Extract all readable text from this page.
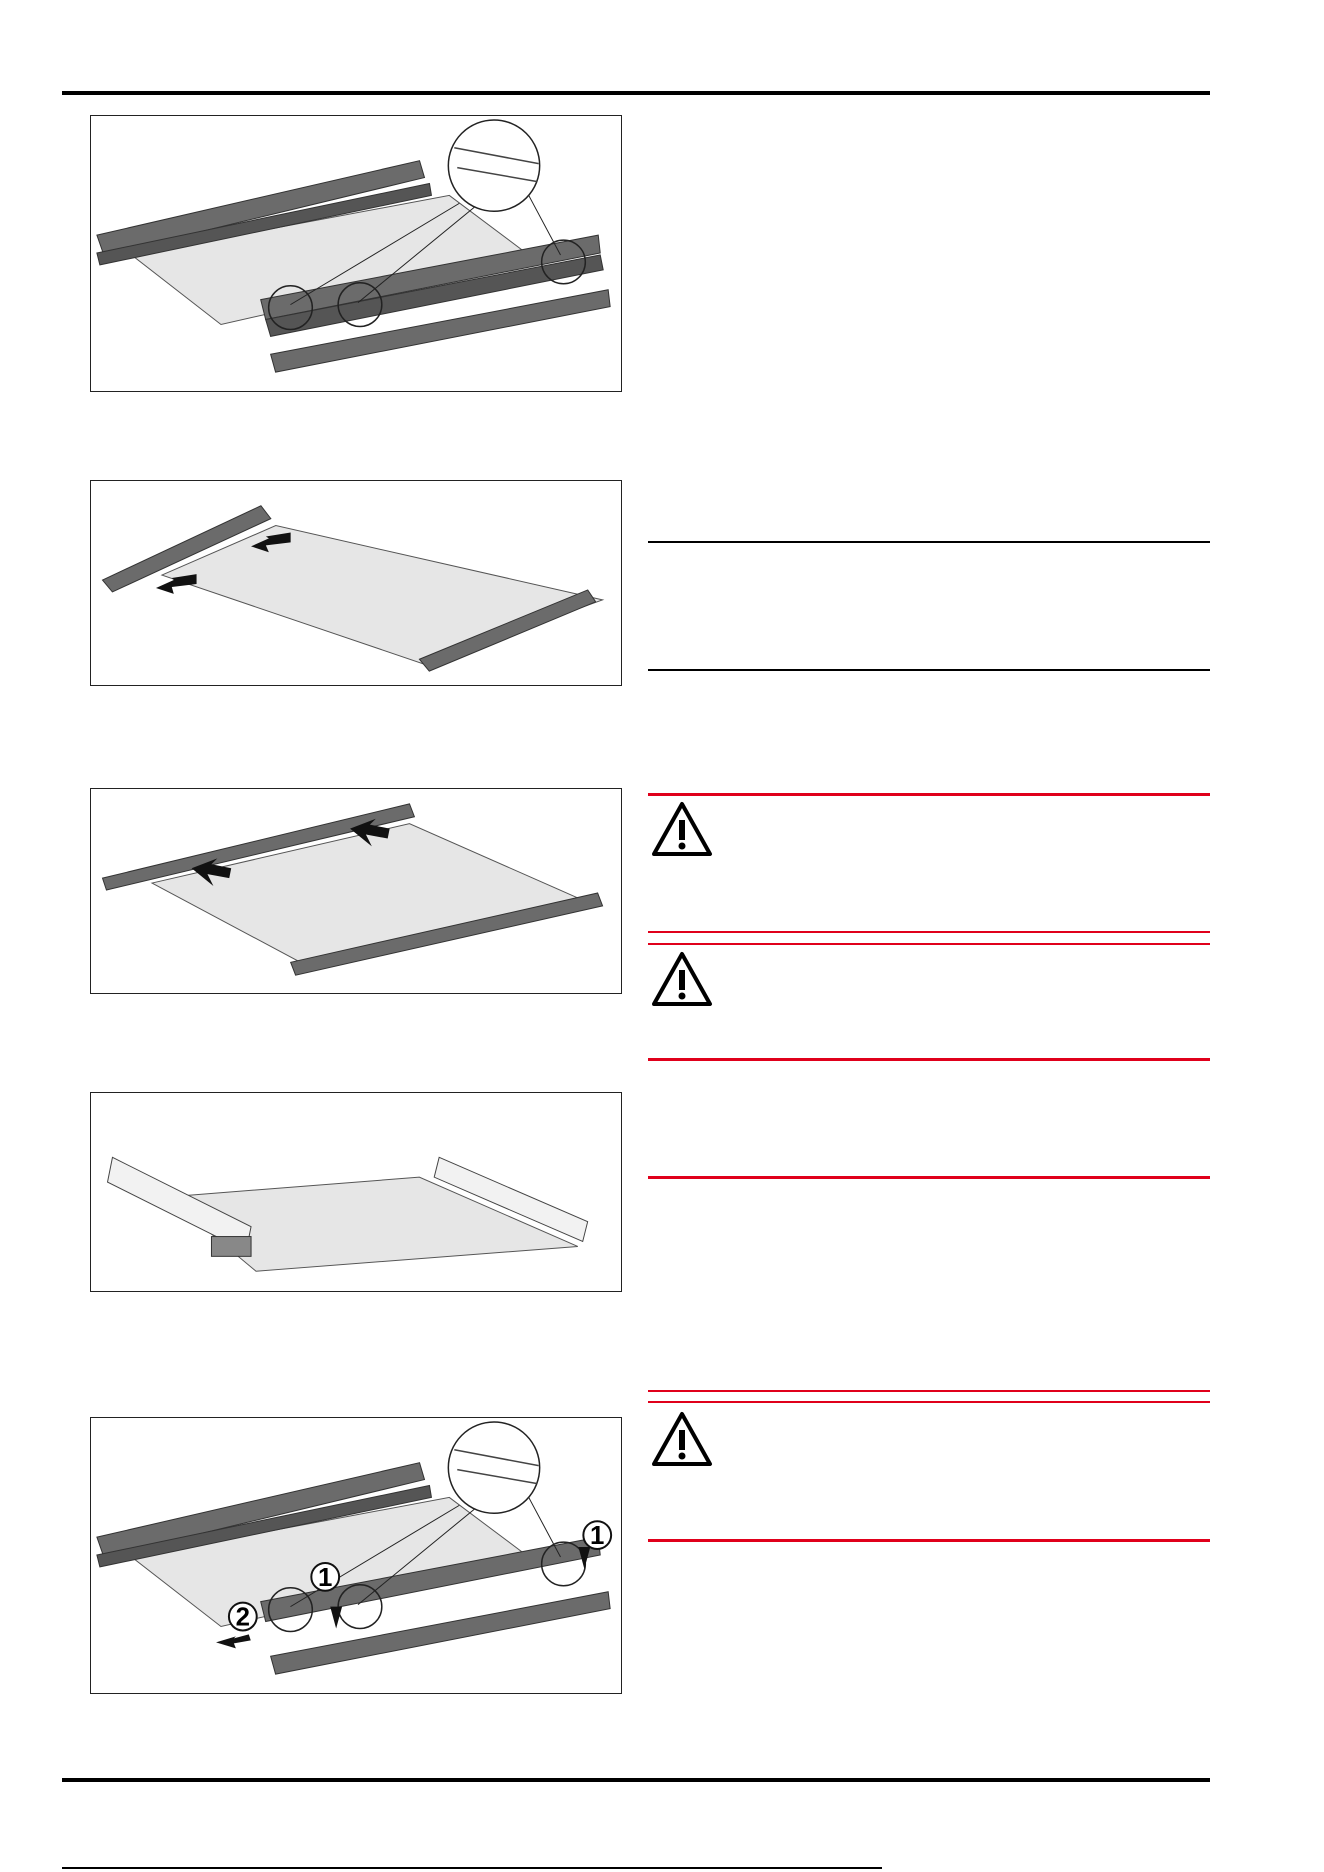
1
1
2
